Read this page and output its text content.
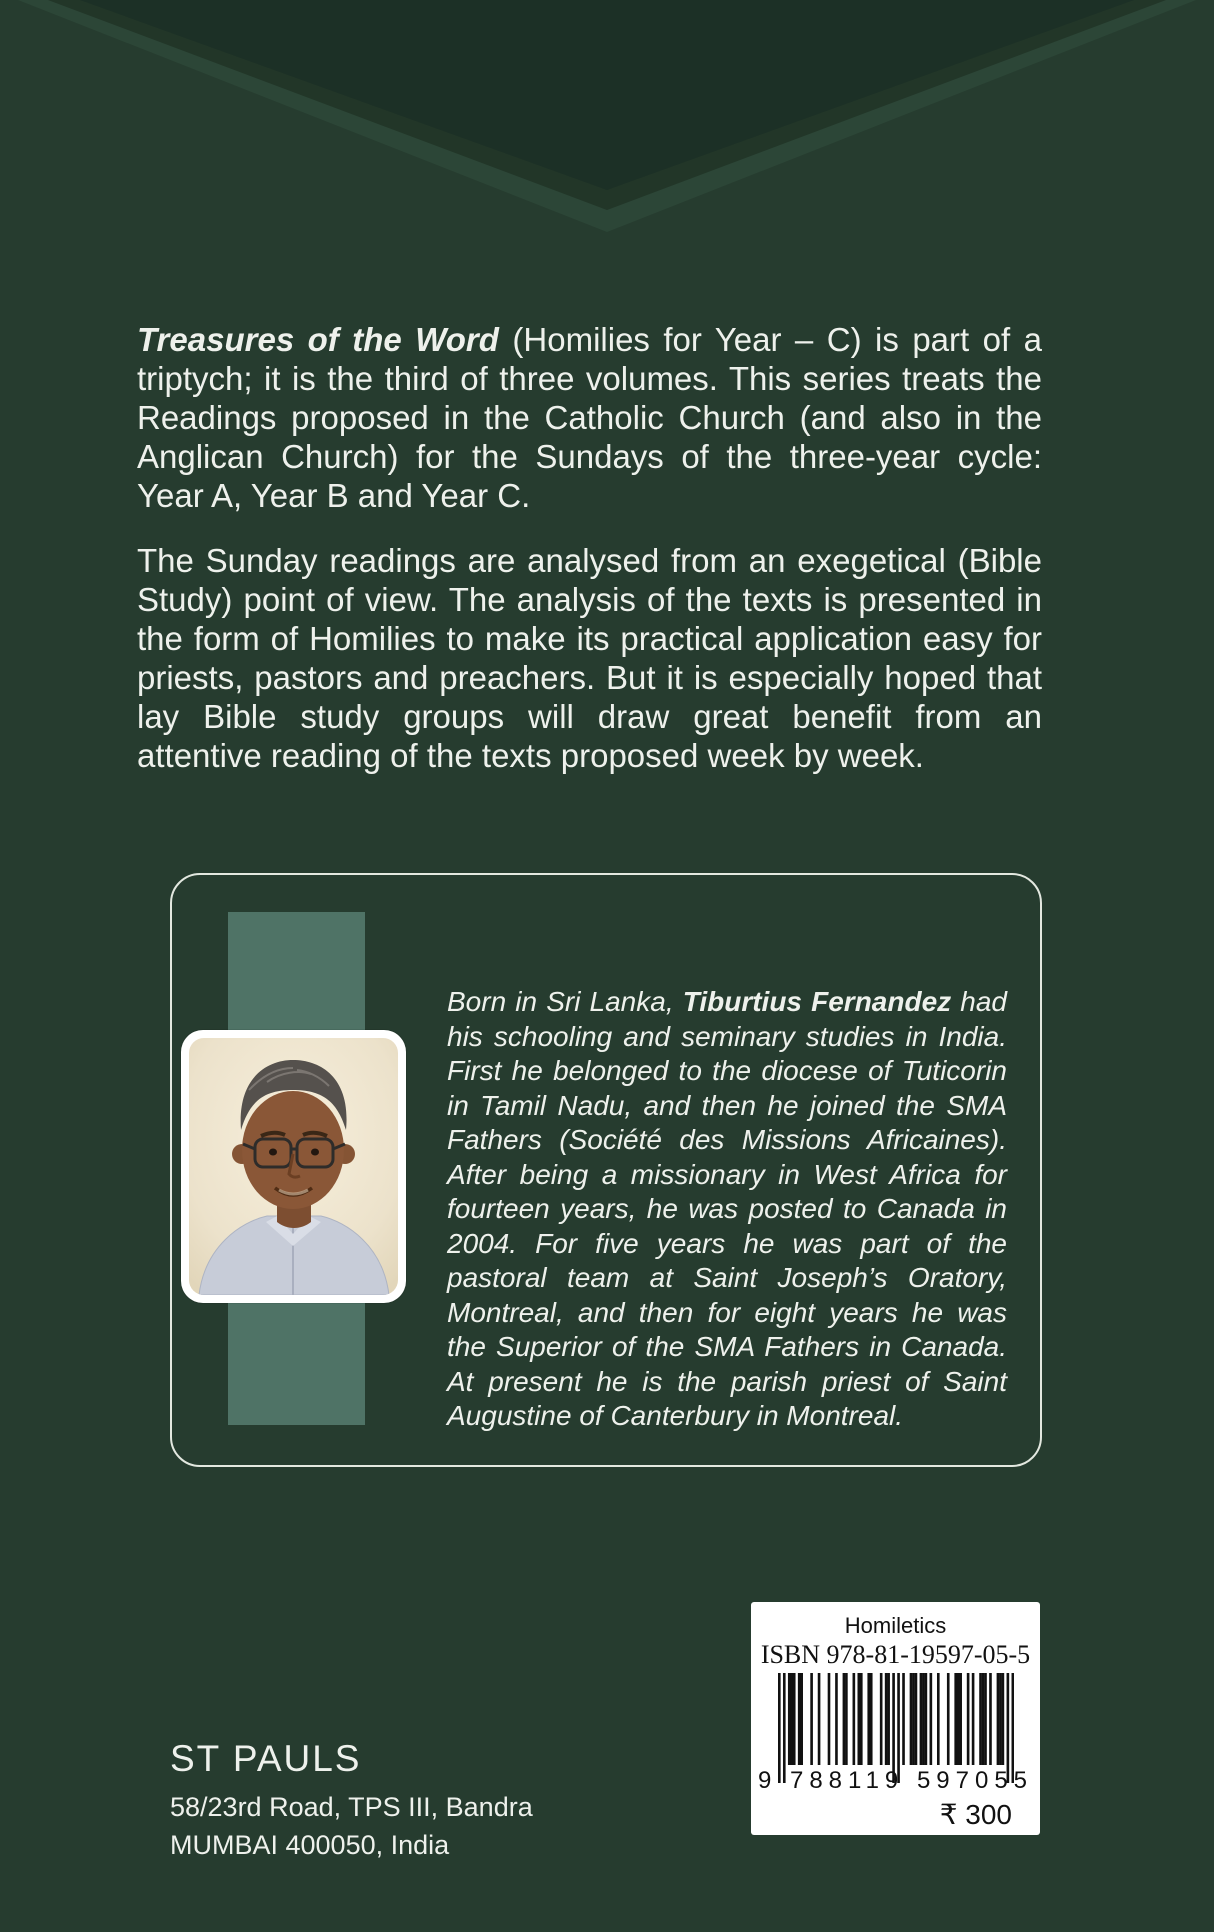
Treasures of the Word (Homilies for Year – C) is part of a triptych; it is the third of three volumes. This series treats the Readings proposed in the Catholic Church (and also in the Anglican Church) for the Sundays of the three-year cycle: Year A, Year B and Year C.

The Sunday readings are analysed from an exegetical (Bible Study) point of view. The analysis of the texts is presented in the form of Homilies to make its practical application easy for priests, pastors and preachers. But it is especially hoped that lay Bible study groups will draw great benefit from an attentive reading of the texts proposed week by week.

Born in Sri Lanka, Tiburtius Fernandez had his schooling and seminary studies in India. First he belonged to the diocese of Tuticorin in Tamil Nadu, and then he joined the SMA Fathers (Société des Missions Africaines). After being a missionary in West Africa for fourteen years, he was posted to Canada in 2004. For five years he was part of the pastoral team at Saint Joseph’s Oratory, Montreal, and then for eight years he was the Superior of the SMA Fathers in Canada. At present he is the parish priest of Saint Augustine of Canterbury in Montreal.

Homiletics
ISBN 978-81-19597-05-5
9 788119 597055
₹ 300
ST PAULS
58/23rd Road, TPS III, Bandra
MUMBAI 400050, India
